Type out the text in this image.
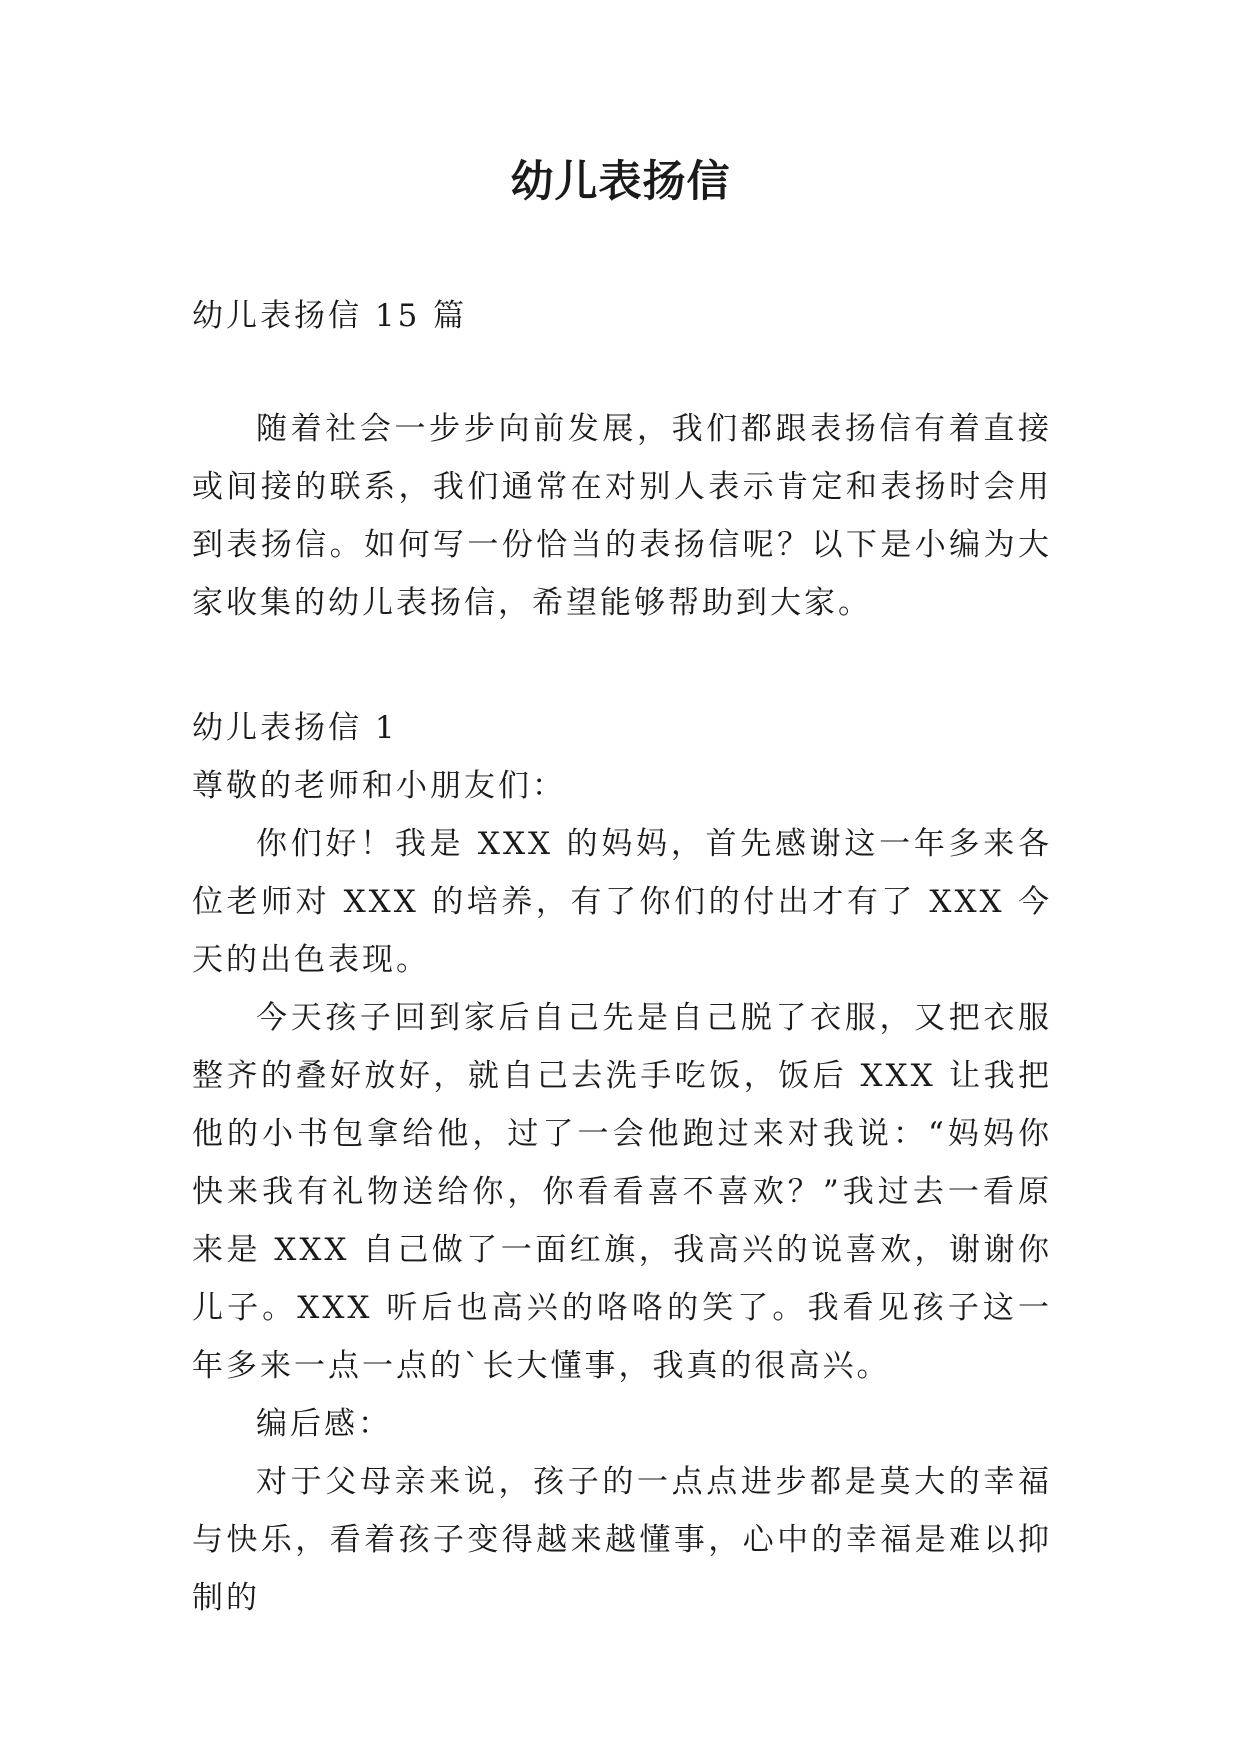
幼儿表扬信

幼儿表扬信 15 篇

随着社会一步步向前发展，我们都跟表扬信有着直接或间接的联系，我们通常在对别人表示肯定和表扬时会用到表扬信。如何写一份恰当的表扬信呢？以下是小编为大家收集的幼儿表扬信，希望能够帮助到大家。

幼儿表扬信 1

尊敬的老师和小朋友们：

你们好！我是 XXX 的妈妈，首先感谢这一年多来各位老师对 XXX 的培养，有了你们的付出才有了 XXX 今天的出色表现。

今天孩子回到家后自己先是自己脱了衣服，又把衣服整齐的叠好放好，就自己去洗手吃饭，饭后 XXX 让我把他的小书包拿给他，过了一会他跑过来对我说：“妈妈你快来我有礼物送给你，你看看喜不喜欢？”我过去一看原来是 XXX 自己做了一面红旗，我高兴的说喜欢，谢谢你儿子。XXX 听后也高兴的咯咯的笑了。我看见孩子这一年多来一点一点的`长大懂事，我真的很高兴。

编后感：

对于父母亲来说，孩子的一点点进步都是莫大的幸福与快乐，看着孩子变得越来越懂事，心中的幸福是难以抑制的
